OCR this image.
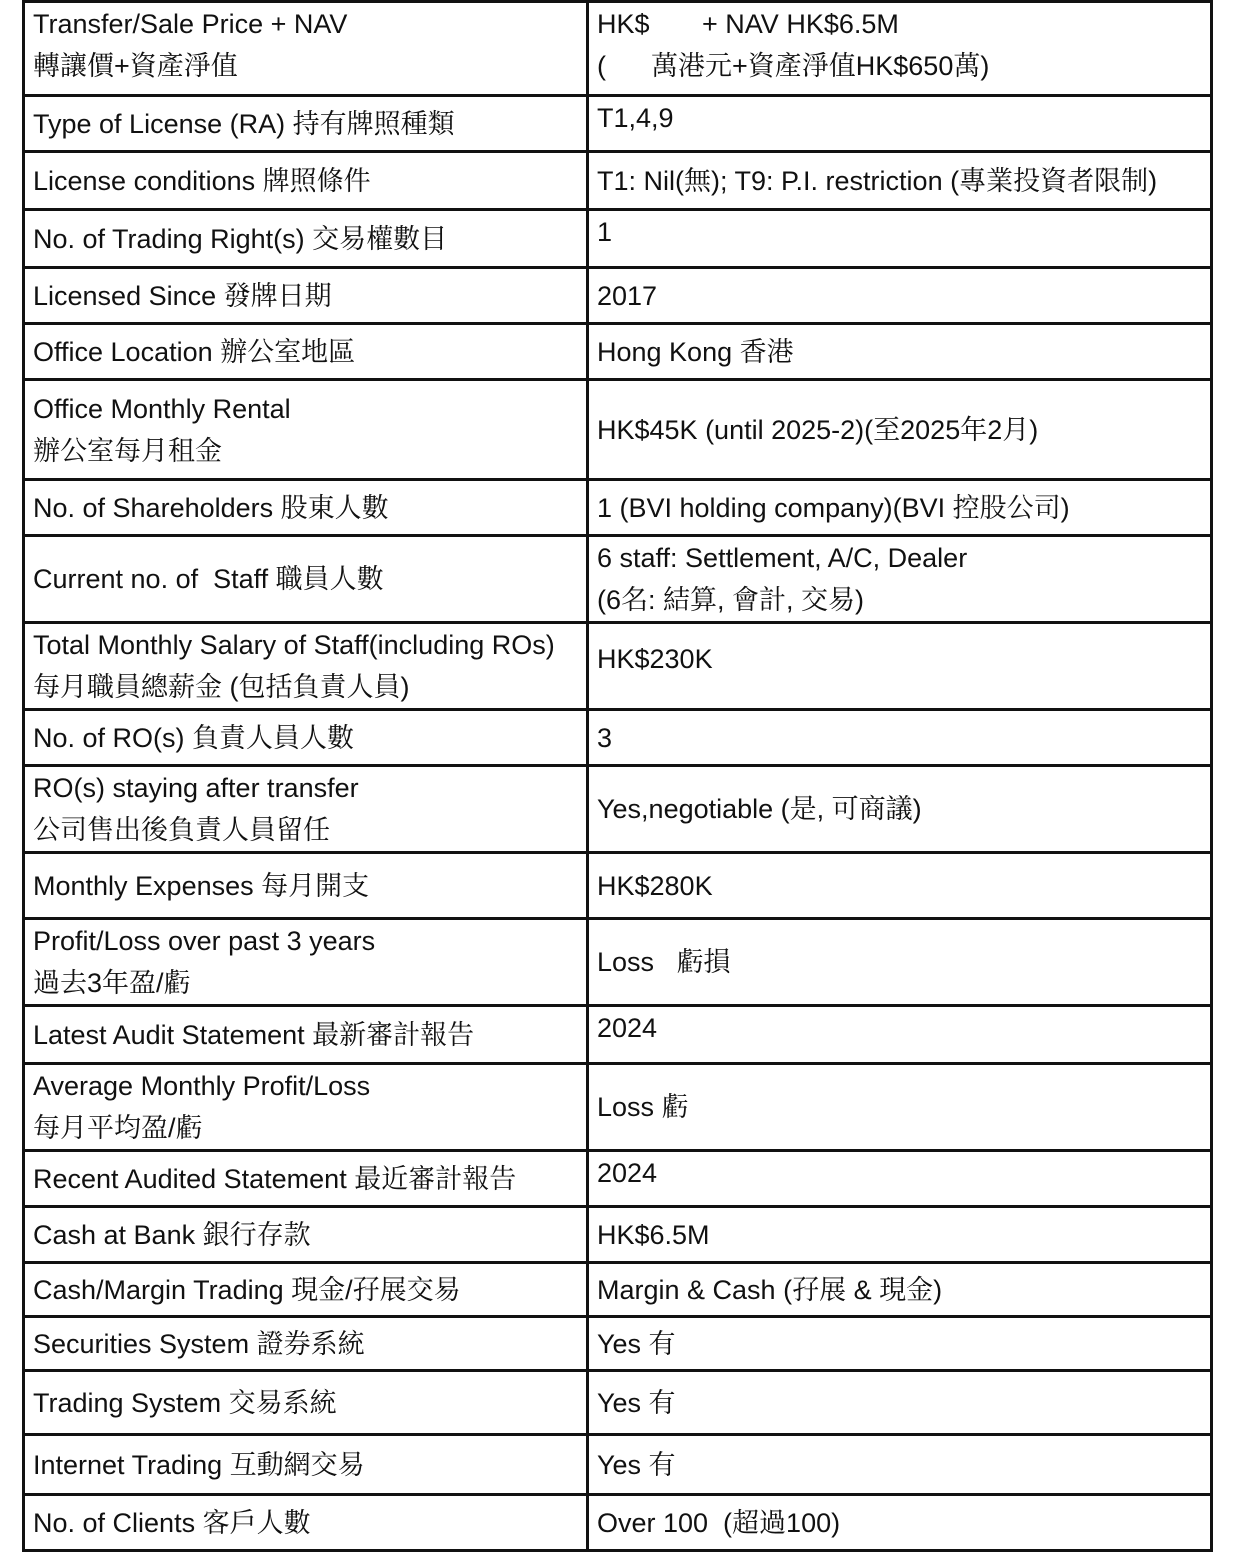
Transfer/Sale Price + NAV
轉讓價+資產淨值	HK$       + NAV HK$6.5M
(      萬港元+資產淨值HK$650萬)

Type of License (RA) 持有牌照種類	T1,4,9
License conditions 牌照條件	T1: Nil(無); T9: P.I. restriction (專業投資者限制)
No. of Trading Right(s) 交易權數目	1
Licensed Since 發牌日期	2017
Office Location 辦公室地區	Hong Kong 香港

Office Monthly Rental
辦公室每月租金	HK$45K (until 2025-2)(至2025年2月)
No. of Shareholders 股東人數	1 (BVI holding company)(BVI 控股公司)
Current no. of  Staff 職員人數	6 staff: Settlement, A/C, Dealer
(6名: 結算, 會計, 交易)

Total Monthly Salary of Staff(including ROs)
每月職員總薪金 (包括負責人員)	HK$230K

No. of RO(s) 負責人員人數	3

RO(s) staying after transfer
公司售出後負責人員留任	Yes,negotiable (是, 可商議)
Monthly Expenses 每月開支	HK$280K

Profit/Loss over past 3 years
過去3年盈/虧	Loss   虧損
Latest Audit Statement 最新審計報告	2024

Average Monthly Profit/Loss
每月平均盈/虧	Loss 虧
Recent Audited Statement 最近審計報告	2024
Cash at Bank 銀行存款	HK$6.5M
Cash/Margin Trading 現金/孖展交易	Margin & Cash (孖展 & 現金)
Securities System 證券系統	Yes 有
Trading System 交易系統	Yes 有
Internet Trading 互動網交易	Yes 有
No. of Clients 客戶人數	Over 100  (超過100)
